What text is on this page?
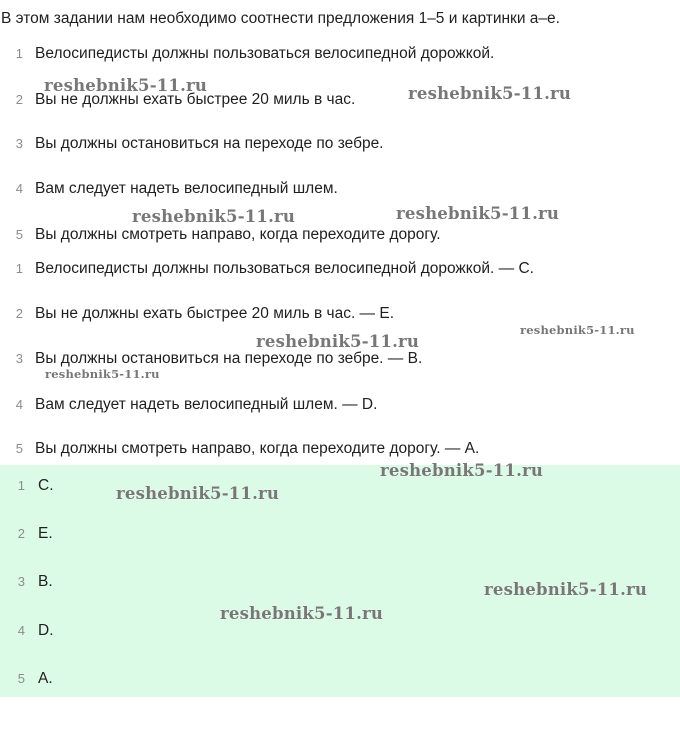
В этом задании нам необходимо соотнести предложения 1–5 и картинки а–е.
1 Велосипедисты должны пользоваться велосипедной дорожкой.
2 Вы не должны ехать быстрее 20 миль в час.
3 Вы должны остановиться на переходе по зебре.
4 Вам следует надеть велосипедный шлем.
5 Вы должны смотреть направо, когда переходите дорогу.
1 Велосипедисты должны пользоваться велосипедной дорожкой. — С.
2 Вы не должны ехать быстрее 20 миль в час. — Е.
3 Вы должны остановиться на переходе по зебре. — В.
4 Вам следует надеть велосипедный шлем. — D.
5 Вы должны смотреть направо, когда переходите дорогу. — А.
1 С.
2 Е.
3 В.
4 D.
5 А.
reshebnik5-11.ru	reshebnik5-11.ru
reshebnik5-11.ru	reshebnik5-11.ru
reshebnik5-11.ru
reshebnik5-11.ru
reshebnik5-11.ru
reshebnik5-11.ru
reshebnik5-11.ru
reshebnik5-11.ru
reshebnik5-11.ru
